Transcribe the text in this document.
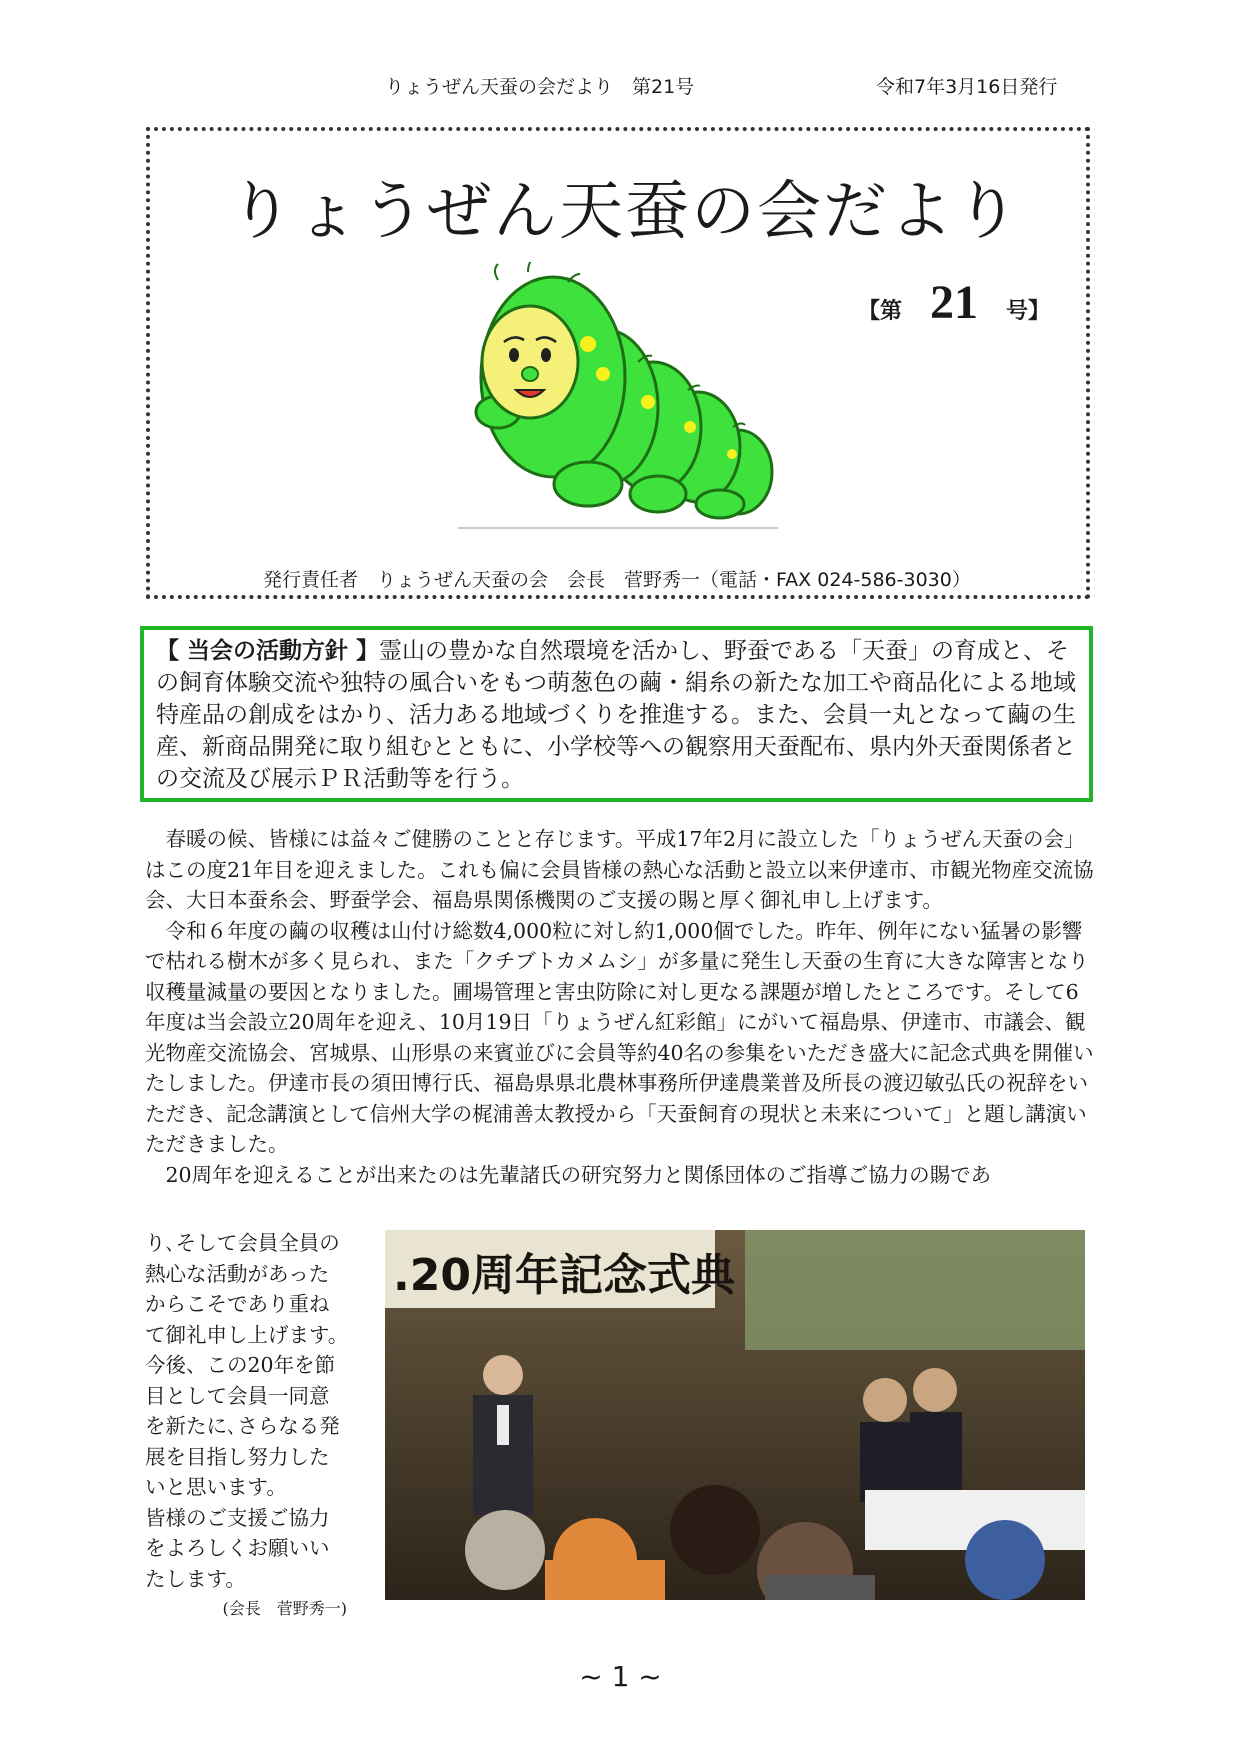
りょうぜん天蚕の会だより　第21号	令和7年3月16日発行
りょうぜん天蚕の会だより
【第 21 号】
発行責任者　りょうぜん天蚕の会　会長　菅野秀一（電話・FAX 024-586-3030）
【 当会の活動方針 】霊山の豊かな自然環境を活かし、野蚕である「天蚕」の育成と、その飼育体験交流や独特の風合いをもつ萌葱色の繭・絹糸の新たな加工や商品化による地域特産品の創成をはかり、活力ある地域づくりを推進する。また、会員一丸となって繭の生産、新商品開発に取り組むとともに、小学校等への観察用天蚕配布、県内外天蚕関係者との交流及び展示ＰＲ活動等を行う。

春暖の候、皆様には益々ご健勝のことと存じます。平成17年2月に設立した「りょうぜん天蚕の会」はこの度21年目を迎えました。これも偏に会員皆様の熱心な活動と設立以来伊達市、市観光物産交流協会、大日本蚕糸会、野蚕学会、福島県関係機関のご支援の賜と厚く御礼申し上げます。

令和６年度の繭の収穫は山付け総数4,000粒に対し約1,000個でした。昨年、例年にない猛暑の影響で枯れる樹木が多く見られ、また「クチブトカメムシ」が多量に発生し天蚕の生育に大きな障害となり収穫量減量の要因となりました。圃場管理と害虫防除に対し更なる課題が増したところです。そして6年度は当会設立20周年を迎え、10月19日「りょうぜん紅彩館」にがいて福島県、伊達市、市議会、観光物産交流協会、宮城県、山形県の来賓並びに会員等約40名の参集をいただき盛大に記念式典を開催いたしました。伊達市長の須田博行氏、福島県県北農林事務所伊達農業普及所長の渡辺敏弘氏の祝辞をいただき、記念講演として信州大学の梶浦善太教授から「天蚕飼育の現状と未来について」と題し講演いただきました。

20周年を迎えることが出来たのは先輩諸氏の研究努力と関係団体のご指導ご協力の賜であ

り､そして会員全員の

熱心な活動があった

からこそであり重ね

て御礼申し上げます。

今後、この20年を節

目として会員一同意

を新たに､さらなる発

展を目指し努力した

いと思います。

皆様のご支援ご協力

をよろしくお願いい

たします。

(会長　菅野秀一)

.20周年記念式典
~ 1 ~
